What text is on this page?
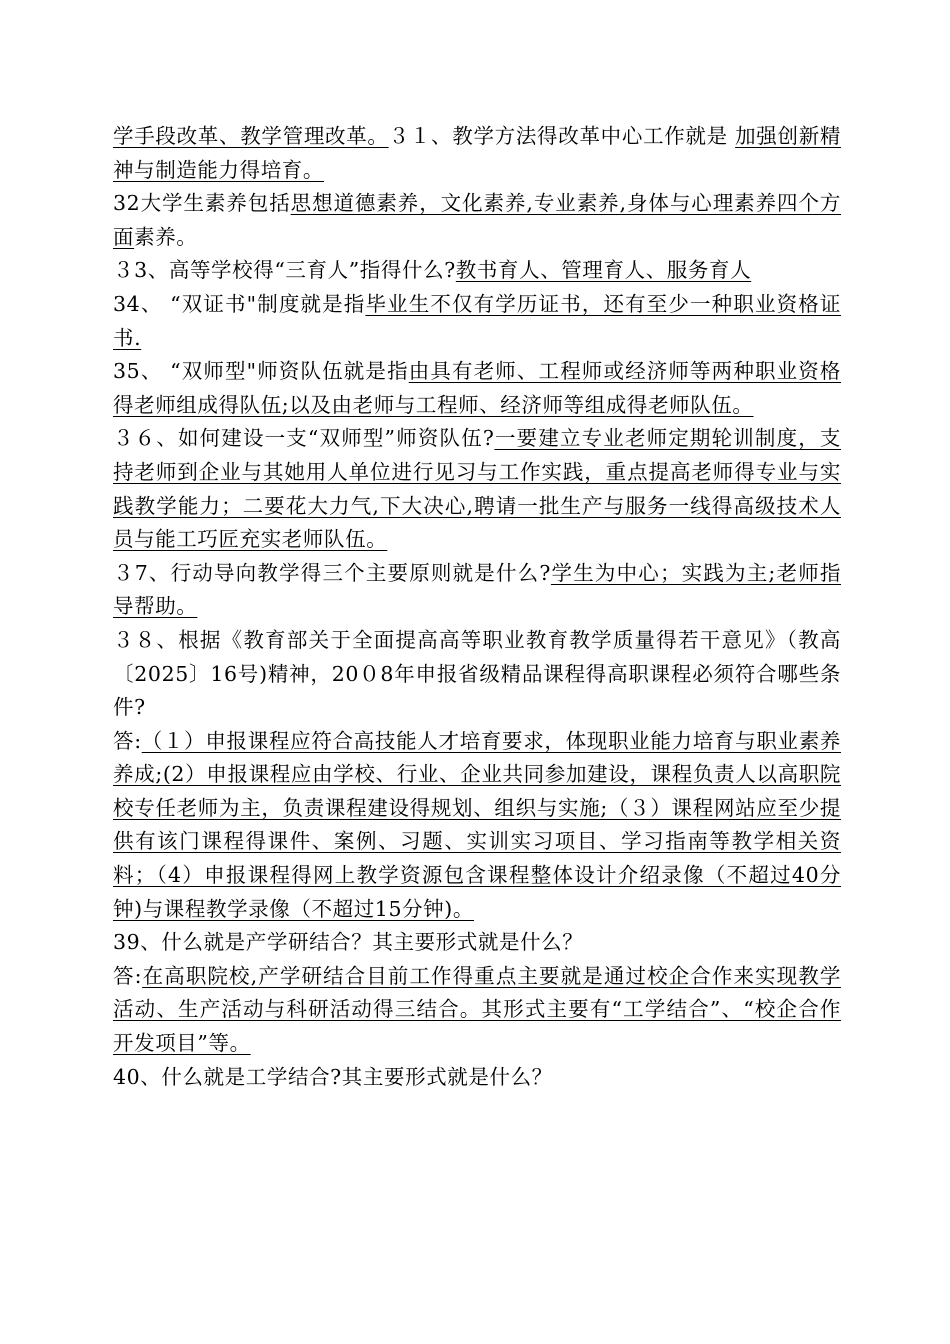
学手段改革、教学管理改革。３１、教学方法得改革中心工作就是 加强创新精神与制造能力得培育。

32大学生素养包括思想道德素养，文化素养,专业素养,身体与心理素养四个方面素养。

３3、高等学校得“三育人”指得什么?教书育人、管理育人、服务育人

34、 “双证书"制度就是指毕业生不仅有学历证书，还有至少一种职业资格证书.

35、 “双师型"师资队伍就是指由具有老师、工程师或经济师等两种职业资格得老师组成得队伍;以及由老师与工程师、经济师等组成得老师队伍。

３６、如何建设一支“双师型”师资队伍?一要建立专业老师定期轮训制度，支持老师到企业与其她用人单位进行见习与工作实践，重点提高老师得专业与实践教学能力；二要花大力气,下大决心,聘请一批生产与服务一线得高级技术人员与能工巧匠充实老师队伍。

３7、行动导向教学得三个主要原则就是什么?学生为中心；实践为主;老师指导帮助。

３８、根据《教育部关于全面提高高等职业教育教学质量得若干意见》（教高〔2025〕16号)精神，20０8年申报省级精品课程得高职课程必须符合哪些条件?

答:（１）申报课程应符合高技能人才培育要求，体现职业能力培育与职业素养养成;(2）申报课程应由学校、行业、企业共同参加建设，课程负责人以高职院校专任老师为主，负责课程建设得规划、组织与实施;（３）课程网站应至少提供有该门课程得课件、案例、习题、实训实习项目、学习指南等教学相关资料；（4）申报课程得网上教学资源包含课程整体设计介绍录像（不超过40分钟)与课程教学录像（不超过15分钟)。

39、什么就是产学研结合？其主要形式就是什么？

答:在高职院校,产学研结合目前工作得重点主要就是通过校企合作来实现教学活动、生产活动与科研活动得三结合。其形式主要有“工学结合”、“校企合作开发项目”等。

40、什么就是工学结合?其主要形式就是什么？
